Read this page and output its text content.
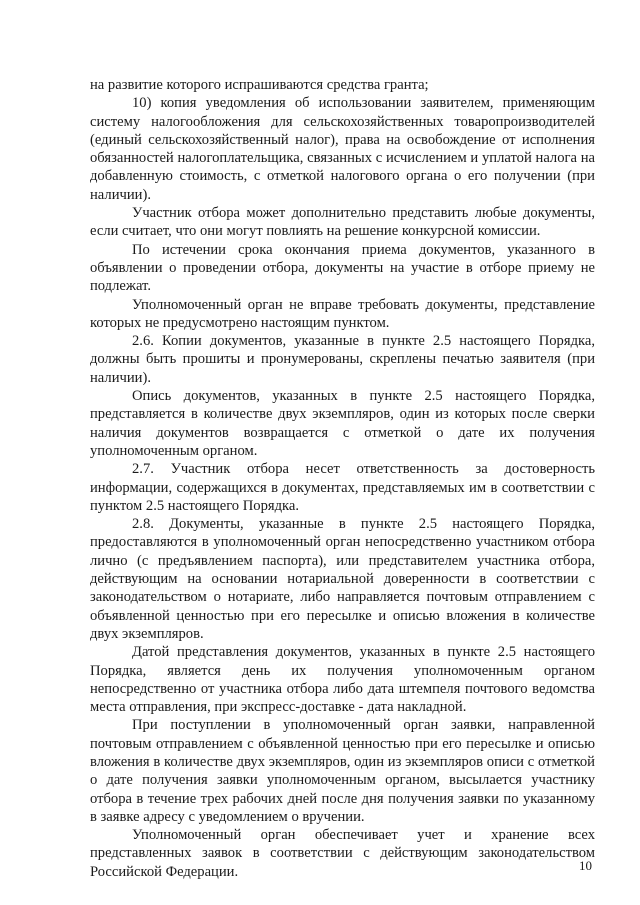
на развитие которого испрашиваются средства гранта;

10) копия уведомления об использовании заявителем, применяющим систему налогообложения для сельскохозяйственных товаропроизводителей (единый сельскохозяйственный налог), права на освобождение от исполнения обязанностей налогоплательщика, связанных с исчислением и уплатой налога на добавленную стоимость, с отметкой налогового органа о его получении (при наличии).

Участник отбора может дополнительно представить любые документы, если считает, что они могут повлиять на решение конкурсной комиссии.

По истечении срока окончания приема документов, указанного в объявлении о проведении отбора, документы на участие в отборе приему не подлежат.

Уполномоченный орган не вправе требовать документы, представление которых не предусмотрено настоящим пунктом.

2.6. Копии документов, указанные в пункте 2.5 настоящего Порядка, должны быть прошиты и пронумерованы, скреплены печатью заявителя (при наличии).

Опись документов, указанных в пункте 2.5 настоящего Порядка, представляется в количестве двух экземпляров, один из которых после сверки наличия документов возвращается с отметкой о дате их получения уполномоченным органом.

2.7. Участник отбора несет ответственность за достоверность информации, содержащихся в документах, представляемых им в соответствии с пунктом 2.5 настоящего Порядка.

2.8. Документы, указанные в пункте 2.5 настоящего Порядка, предоставляются в уполномоченный орган непосредственно участником отбора лично (с предъявлением паспорта), или представителем участника отбора, действующим на основании нотариальной доверенности в соответствии с законодательством о нотариате, либо направляется почтовым отправлением с объявленной ценностью при его пересылке и описью вложения в количестве двух экземпляров.

Датой представления документов, указанных в пункте 2.5 настоящего Порядка, является день их получения уполномоченным органом непосредственно от участника отбора либо дата штемпеля почтового ведомства места отправления, при экспресс-доставке - дата накладной.

При поступлении в уполномоченный орган заявки, направленной почтовым отправлением с объявленной ценностью при его пересылке и описью вложения в количестве двух экземпляров, один из экземпляров описи с отметкой о дате получения заявки уполномоченным органом, высылается участнику отбора в течение трех рабочих дней после дня получения заявки по указанному в заявке адресу с уведомлением о вручении.

Уполномоченный орган обеспечивает учет и хранение всех представленных заявок в соответствии с действующим законодательством Российской Федерации.	10
